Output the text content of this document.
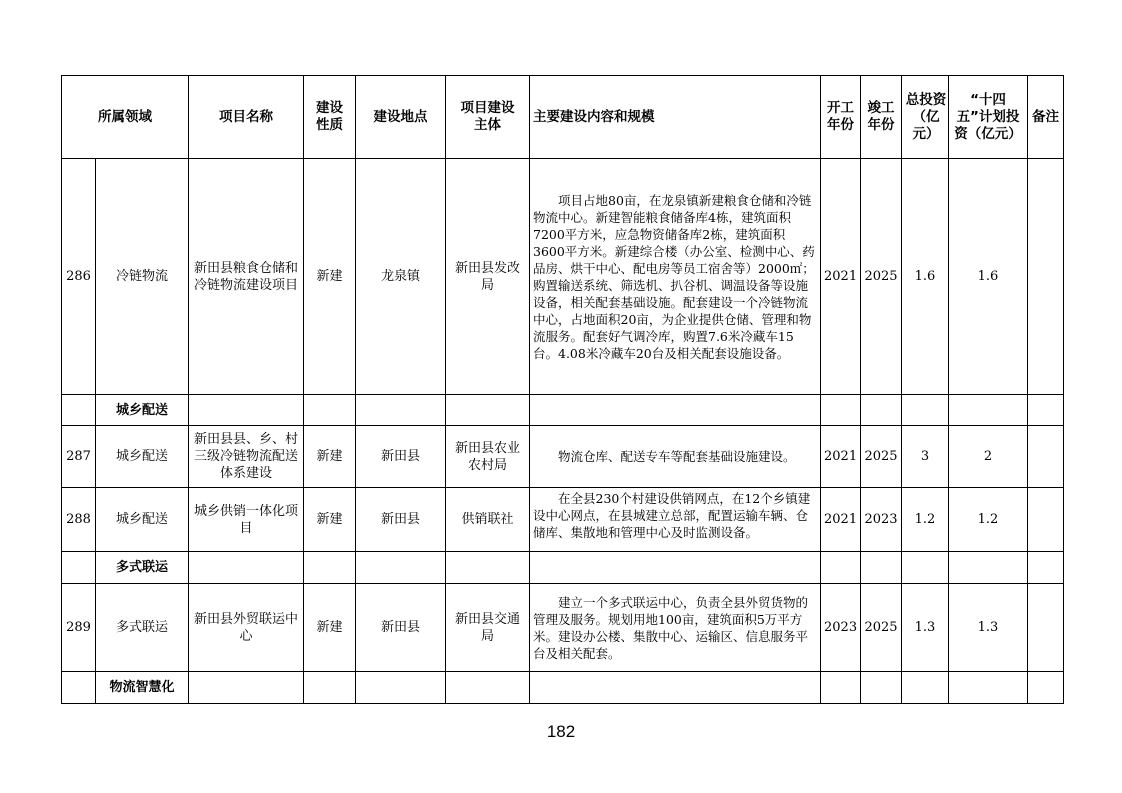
所属领域		项目名称	建设性质	建设地点	项目建设主体	主要建设内容和规模	开工年份	竣工年份	总投资（亿元）	“十四五”计划投资（亿元）	备注
286	冷链物流	新田县粮食仓储和冷链物流建设项目	新建	龙泉镇	新田县发改局	　　项目占地80亩，在龙泉镇新建粮食仓储和冷链物流中心。新建智能粮食储备库4栋，建筑面积7200平方米，应急物资储备库2栋，建筑面积3600平方米。新建综合楼（办公室、检测中心、药品房、烘干中心、配电房等员工宿舍等）2000㎡；购置输送系统、筛选机、扒谷机、调温设备等设施设备，相关配套基础设施。配套建设一个冷链物流中心，占地面积20亩，为企业提供仓储、管理和物流服务。配套好气调冷库，购置7.6米冷藏车15台。4.08米冷藏车20台及相关配套设施设备。	2021	2025	1.6	1.6	
	城乡配送										
287	城乡配送	新田县县、乡、村三级冷链物流配送体系建设	新建	新田县	新田县农业农村局	　　物流仓库、配送专车等配套基础设施建设。	2021	2025	3	2	
288	城乡配送	城乡供销一体化项目	新建	新田县	供销联社	　　在全县230个村建设供销网点，在12个乡镇建设中心网点，在县城建立总部，配置运输车辆、仓储库、集散地和管理中心及时监测设备。	2021	2023	1.2	1.2	
	多式联运										
289	多式联运	新田县外贸联运中心	新建	新田县	新田县交通局	　　建立一个多式联运中心，负责全县外贸货物的管理及服务。规划用地100亩，建筑面积5万平方米。建设办公楼、集散中心、运输区、信息服务平台及相关配套。	2023	2025	1.3	1.3	
	物流智慧化										
182
